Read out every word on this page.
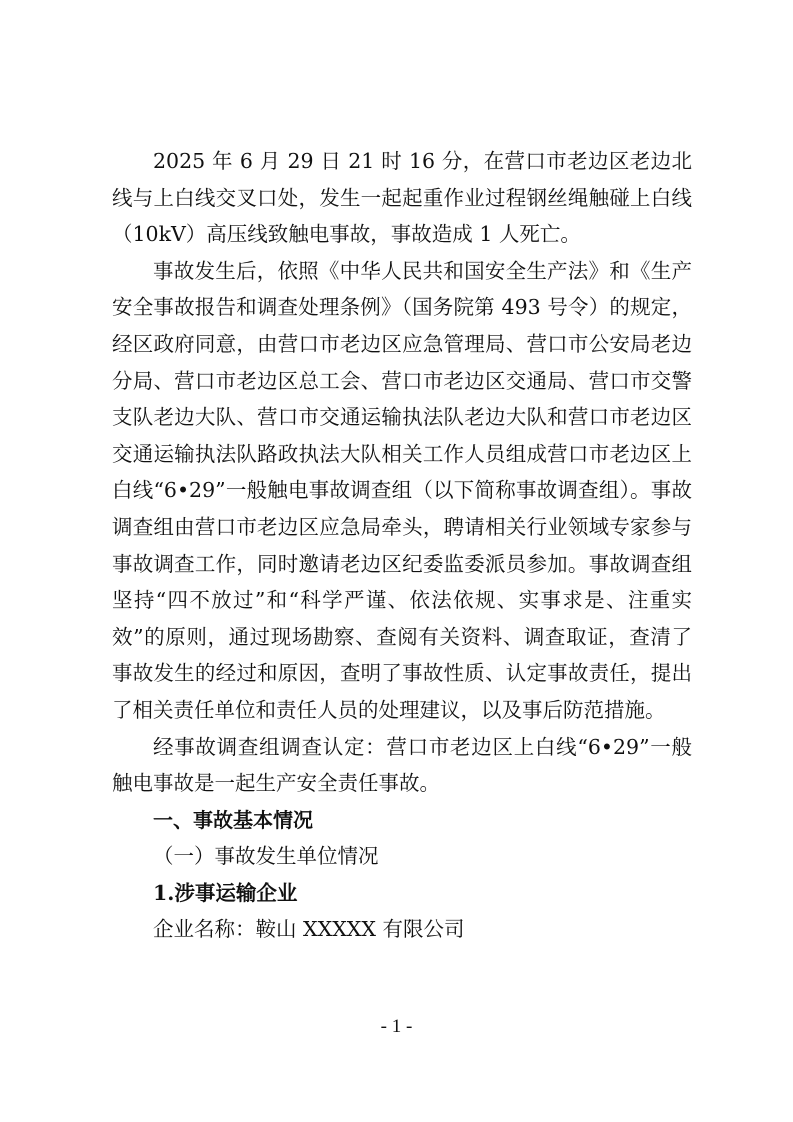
2025 年 6 月 29 日 21 时 16 分，在营口市老边区老边北线与上白线交叉口处，发生一起起重作业过程钢丝绳触碰上白线（10kV）高压线致触电事故，事故造成 1 人死亡。

事故发生后，依照《中华人民共和国安全生产法》和《生产安全事故报告和调查处理条例》（国务院第 493 号令）的规定，经区政府同意，由营口市老边区应急管理局、营口市公安局老边分局、营口市老边区总工会、营口市老边区交通局、营口市交警支队老边大队、营口市交通运输执法队老边大队和营口市老边区交通运输执法队路政执法大队相关工作人员组成营口市老边区上白线“6•29”一般触电事故调查组（以下简称事故调查组）。事故调查组由营口市老边区应急局牵头，聘请相关行业领域专家参与事故调查工作，同时邀请老边区纪委监委派员参加。事故调查组坚持“四不放过”和“科学严谨、依法依规、实事求是、注重实效”的原则，通过现场勘察、查阅有关资料、调查取证，查清了事故发生的经过和原因，查明了事故性质、认定事故责任，提出了相关责任单位和责任人员的处理建议，以及事后防范措施。

经事故调查组调查认定：营口市老边区上白线“6•29”一般触电事故是一起生产安全责任事故。

一、事故基本情况

（一）事故发生单位情况

1.涉事运输企业

企业名称：鞍山 XXXXX 有限公司

- 1 -
